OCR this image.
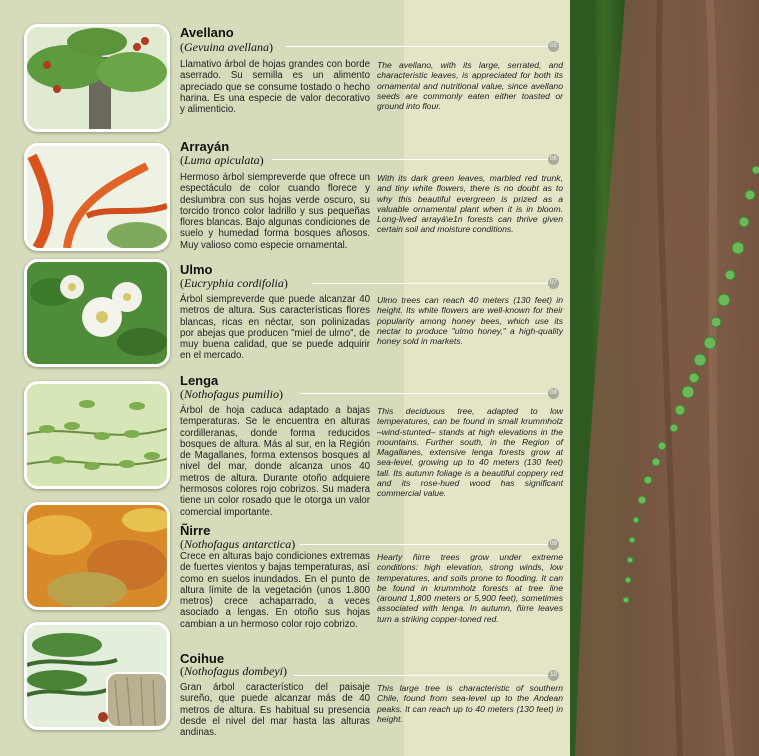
Avellano
(Gevuina avellana)	05
Llamativo árbol de hojas grandes con borde aserrado. Su semilla es un alimento apreciado que se consume tostado o hecho harina. Es una especie de valor decorativo y alimenticio.
The avellano, with its large, serrated, and characteristic leaves, is appreciated for both its ornamental and nutritional value, since avellano seeds are commonly eaten either toasted or ground into flour.
Arrayán
(Luma apiculata)	06
Hermoso árbol siempreverde que ofrece un espectáculo de color cuando florece y deslumbra con sus hojas verde oscuro, su torcido tronco color ladrillo y sus pequeñas flores blancas. Bajo algunas condiciones de suelo y humedad forma bosques añosos. Muy valioso como especie ornamental.
With its dark green leaves, marbled red trunk, and tiny white flowers, there is no doubt as to why this beautiful evergreen is prized as a valuable ornamental plant when it is in bloom. Long-lived arrayá\e1n forests can thrive given certain soil and moisture conditions.
Ulmo
(Eucryphia cordifolia)	07
Árbol siempreverde que puede alcanzar 40 metros de altura. Sus características flores blancas, ricas en néctar, son polinizadas por abejas que producen "miel de ulmo", de muy buena calidad, que se puede adquirir en el mercado.
Ulmo trees can reach 40 meters (130 feet) in height. Its white flowers are well-known for their popularity among honey bees, which use its nectar to produce "ulmo honey," a high-quality honey sold in markets.
Lenga
(Nothofagus pumilio)	08
Árbol de hoja caduca adaptado a bajas temperaturas. Se le encuentra en alturas cordilleranas, donde forma reducidos bosques de altura. Más al sur, en la Región de Magallanes, forma extensos bosques al nivel del mar, donde alcanza unos 40 metros de altura. Durante otoño adquiere hermosos colores rojo cobrizos. Su madera tiene un color rosado que le otorga un valor comercial importante.
This deciduous tree, adapted to low temperatures, can be found in small krummholz –wind-stunted– stands at high elevations in the mountains. Further south, in the Region of Magallanes, extensive lenga forests grow at sea-level, growing up to 40 meters (130 feet) tall. Its autumn foliage is a beautiful coppery red and its rose-hued wood has significant commercial value.
Ñirre
(Nothofagus antarctica)	09
Crece en alturas bajo condiciones extremas de fuertes vientos y bajas temperaturas, así como en suelos inundados. En el punto de altura límite de la vegetación (unos 1.800 metros) crece achaparrado, a veces asociado a lengas. En otoño sus hojas cambian a un hermoso color rojo cobrizo.
Hearty ñirre trees grow under extreme conditions: high elevation, strong winds, low temperatures, and soils prone to flooding. It can be found in krummholz forests at tree line (around 1,800 meters or 5,900 feet), sometimes associated with lenga. In autumn, ñirre leaves turn a striking copper-toned red.
Coihue
(Nothofagus dombeyi)	10
Gran árbol característico del paisaje sureño, que puede alcanzar más de 40 metros de altura. Es habitual su presencia desde el nivel del mar hasta las alturas andinas.
This large tree is characteristic of southern Chile, found from sea-level up to the Andean peaks. It can reach up to 40 meters (130 feet) in height.
